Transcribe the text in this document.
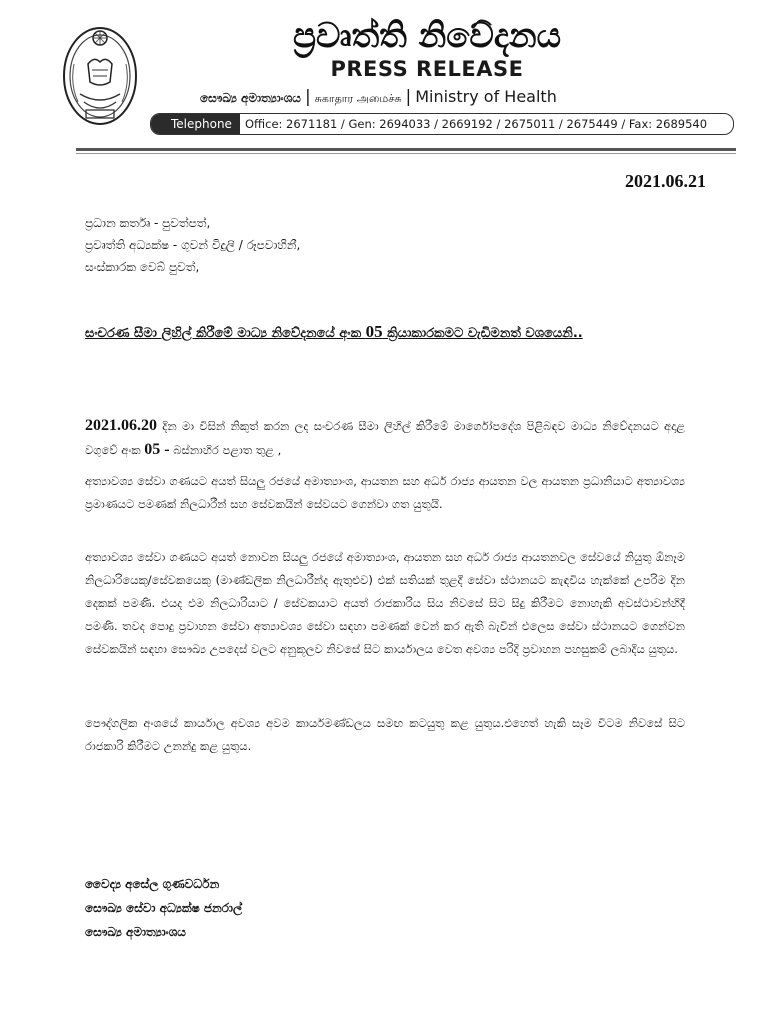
ප්‍රවෘත්ති නිවේදනය
PRESS RELEASE
සෞඛ්‍ය අමාත්‍යාංශය | சுகாதார அமைச்சு | Ministry of Health
Telephone	Office: 2671181 / Gen: 2694033 / 2669192 / 2675011 / 2675449 / Fax: 2689540
2021.06.21
ප්‍රධාන කර්තෘ - පුවත්පත්,
ප්‍රවෘත්ති අධ්‍යක්ෂ - ගුවන් විදුලි / රූපවාහිනී,
සංස්කාරක වෙබ් පුවත්,
සංචරණ සීමා ලිහිල් කිරීමේ මාධ්‍ය නිවේදනයේ අංක 05 ක්‍රියාකාරකමට වැඩිමනත් වශයෙනි..
2021.06.20 දින මා විසින් නිකුත් කරන ලද සංචරණ සීමා ලිහිල් කිරීමේ මාර්ගෝපදේශ පිළිබඳව මාධ්‍ය නිවේදනයට අදාළ වගුවේ අංක 05 - බස්නාහිර පළාත තුළ ,
අත්‍යාවශ්‍ය සේවා ගණයට අයත් සියලු රජයේ අමාත්‍යාංශ, ආයතන සහ අර්ධ රාජ්‍ය ආයතන වල ආයතන ප්‍රධානියාට අත්‍යාවශ්‍ය ප්‍රමාණයට පමණක් නිලධාරීන් සහ සේවකයින් සේවයට ගෙන්වා ගත යුතුයි.
අත්‍යාවශ්‍ය සේවා ගණයට අයත් නොවන සියලු රජයේ අමාත්‍යාංශ, ආයතන සහ අර්ධ රාජ්‍ය ආයතනවල සේවයේ නියුතු ඕනෑම නිලධාරියෙකු/සේවකයෙකු (මාණ්ඩලික නිලධාරීන්ද ඇතුළුව) එක් සතියක් තුළදී සේවා ස්ථානයට කැඳවිය හැක්කේ උපරිම දින දෙකක් පමණි. එයද එම නිලධාරියාට / සේවකයාට අයත් රාජකාරිය සිය නිවසේ සිට සිදු කිරීමට නොහැකි අවස්ථාවන්හිදී පමණි. තවද පොදු ප්‍රවාහන සේවා අත්‍යාවශ්‍ය සේවා සඳහා පමණක් වෙන් කර ඇති බැවින් එලෙස සේවා ස්ථානයට ගෙන්වන සේවකයින් සඳහා සෞඛ්‍ය උපදෙස් වලට අනුකූලව නිවසේ සිට කාර්යාලය වෙත අවශ්‍ය පරිදි ප්‍රවාහන පහසුකම් ලබාදිය යුතුය.
පෞද්ගලික අංශයේ කාර්යාල අවශ්‍ය අවම කාර්යමණ්ඩලය සමඟ කටයුතු කළ යුතුය.එහෙත් හැකි සෑම විටම නිවසේ සිට රාජකාරි කිරීමට උනන්දු කළ යුතුය.
වෛද්‍ය අසේල ගුණවර්ධන
සෞඛ්‍ය සේවා අධ්‍යක්ෂ ජනරාල්
සෞඛ්‍ය අමාත්‍යාංශය
